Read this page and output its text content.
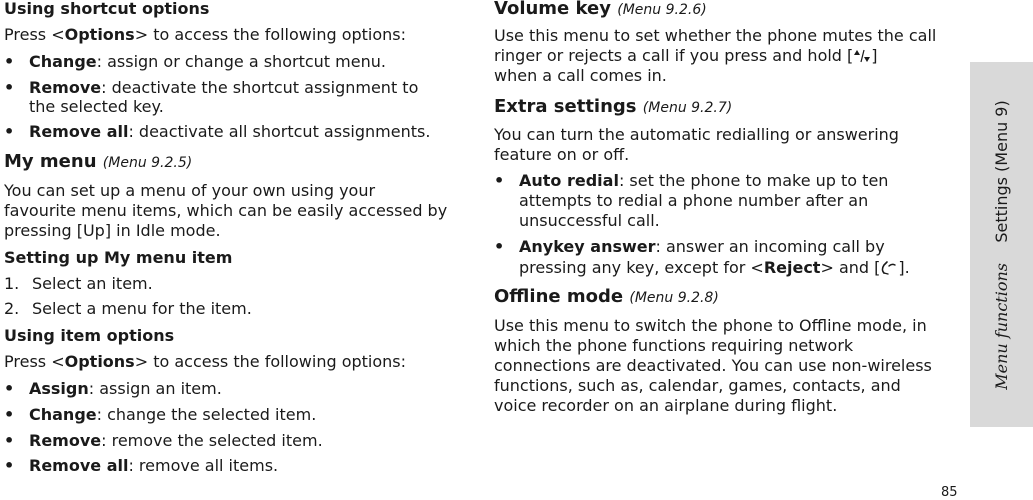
Using shortcut options

Press <Options> to access the following options:

• Change: assign or change a shortcut menu.
• Remove: deactivate the shortcut assignment to
the selected key.
• Remove all: deactivate all shortcut assignments.

My menu (Menu 9.2.5)

You can set up a menu of your own using your

favourite menu items, which can be easily accessed by

pressing [Up] in Idle mode.

Setting up My menu item

1. Select an item.
2. Select a menu for the item.

Using item options

Press <Options> to access the following options:

• Assign: assign an item.
• Change: change the selected item.
• Remove: remove the selected item.
• Remove all: remove all items.

Volume key (Menu 9.2.6)

Use this menu to set whether the phone mutes the call

ringer or rejects a call if you press and hold [ ]

when a call comes in.

Extra settings (Menu 9.2.7)

You can turn the automatic redialling or answering

feature on or off.

• Auto redial: set the phone to make up to ten
attempts to redial a phone number after an
unsuccessful call.
• Anykey answer: answer an incoming call by
pressing any key, except for <Reject> and [ ].

Offline mode (Menu 9.2.8)

Use this menu to switch the phone to Offline mode, in

which the phone functions requiring network

connections are deactivated. You can use non-wireless

functions, such as, calendar, games, contacts, and

voice recorder on an airplane during flight.

Menu functions    Settings (Menu 9)
85
